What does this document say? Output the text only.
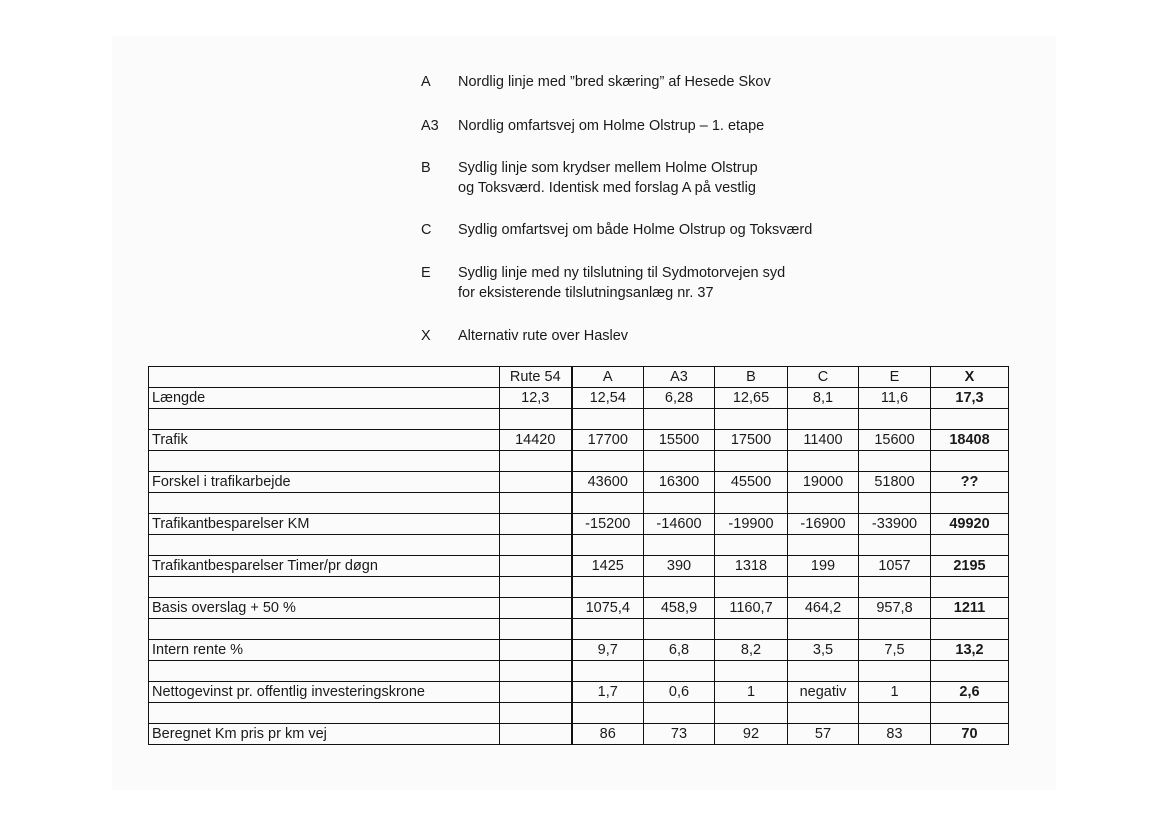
A	Nordlig linje med ”bred skæring” af Hesede Skov
A3	Nordlig omfartsvej om Holme Olstrup – 1. etape
B	Sydlig linje som krydser mellem Holme Olstrup
og Toksværd. Identisk med forslag A på vestlig
C	Sydlig omfartsvej om både Holme Olstrup og Toksværd
E	Sydlig linje med ny tilslutning til Sydmotorvejen syd
for eksisterende tilslutningsanlæg nr. 37
X	Alternativ rute over Haslev
	Rute 54	A	A3	B	C	E	X
Længde	12,3	12,54	6,28	12,65	8,1	11,6	17,3

Trafik	14420	17700	15500	17500	11400	15600	18408

Forskel i trafikarbejde		43600	16300	45500	19000	51800	??

Trafikantbesparelser KM		-15200	-14600	-19900	-16900	-33900	49920

Trafikantbesparelser Timer/pr døgn		1425	390	1318	199	1057	2195

Basis overslag + 50 %		1075,4	458,9	1160,7	464,2	957,8	1211

Intern rente %		9,7	6,8	8,2	3,5	7,5	13,2

Nettogevinst pr. offentlig investeringskrone		1,7	0,6	1	negativ	1	2,6

Beregnet Km pris pr km vej		86	73	92	57	83	70
